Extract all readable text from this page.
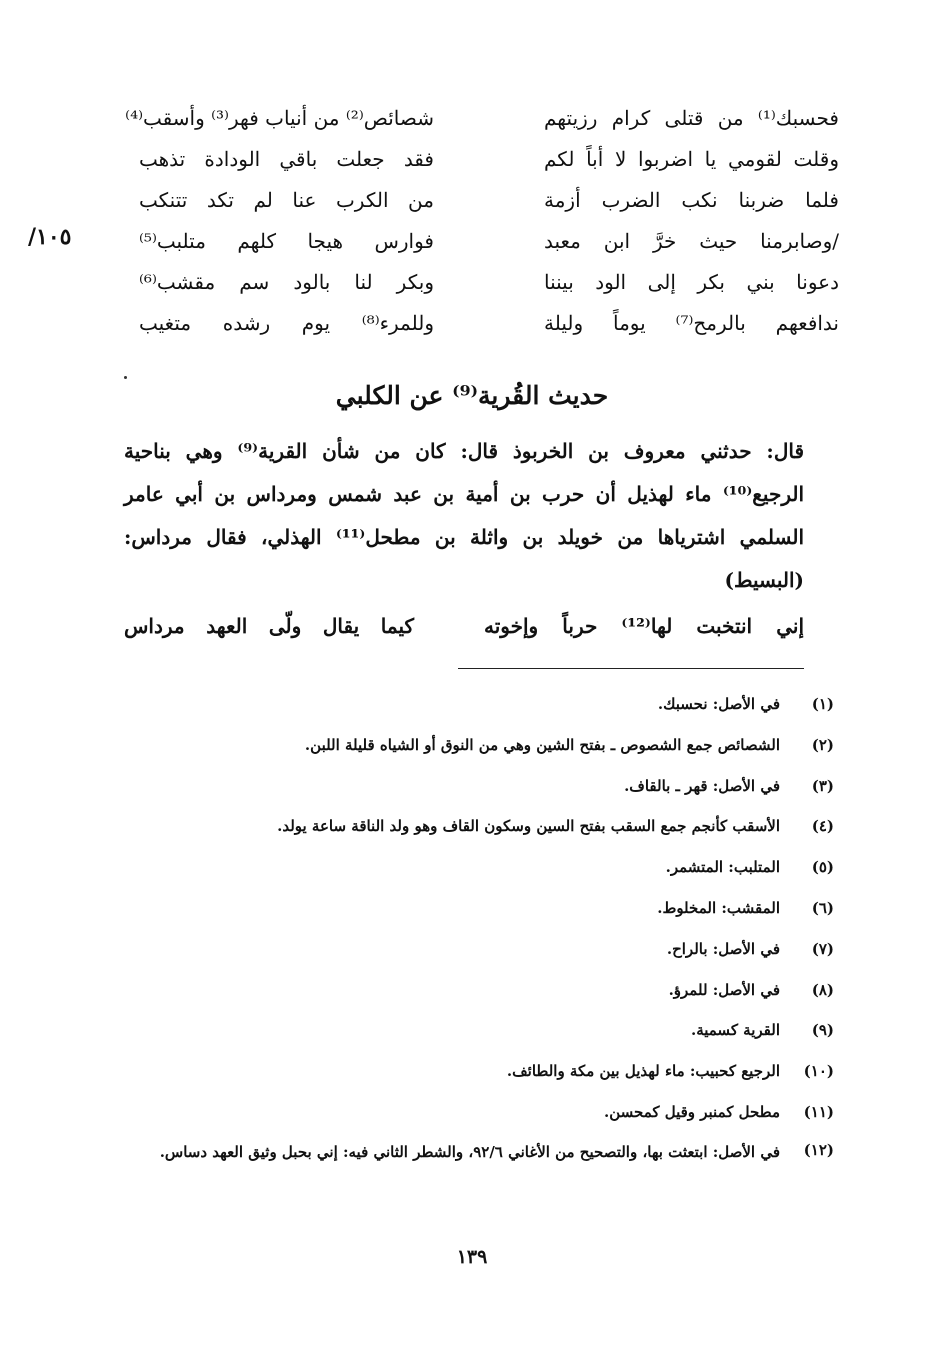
فحسبك⁽¹⁾ من قتلى كرام رزيتهم
شصائص⁽²⁾ من أنياب فهر⁽³⁾ وأسقب⁽⁴⁾
وقلت لقومي يا اضربوا لا أباً لكم
فقد جعلت باقي الودادة تذهب
فلما ضربنا نكب الضرب أزمة
من الكرب عنا لم تكد تتنكب
/وصابرمنا حيث خرَّ ابن معبد
فوارس هيجا كلهم متلبب⁽⁵⁾
دعونا بني بكر إلى الود بيننا
وبكر لنا بالود سم مقشب⁽⁶⁾
ندافعهم بالرمح⁽⁷⁾ يوماً وليلة
وللمرء⁽⁸⁾ يوم رشده متغيب
/١٠٥
حديث القُرية⁽⁹⁾ عن الكلبي

قال: حدثني معروف بن الخربوذ قال: كان من شأن القرية⁽⁹⁾ وهي بناحية الرجيع⁽¹⁰⁾ ماء لهذيل أن حرب بن أمية بن عبد شمس ومرداس بن أبي عامر السلمي اشترياها من خويلد بن واثلة بن مطحل⁽¹¹⁾ الهذلي، فقال مرداس: (البسيط)

إني انتخبت لها⁽¹²⁾ حرباً وإخوته
كيما يقال ولّى العهد مرداس
(١)
في الأصل: نحسبك.
(٢)
الشصائص جمع الشصوص ـ بفتح الشين وهي من النوق أو الشياه قليلة اللبن.
(٣)
في الأصل: قهر ـ بالقاف.
(٤)
الأسقب كأنجم جمع السقب بفتح السين وسكون القاف وهو ولد الناقة ساعة يولد.
(٥)
المتلبب: المتشمر.
(٦)
المقشب: المخلوط.
(٧)
في الأصل: بالراح.
(٨)
في الأصل: للمرؤ.
(٩)
القرية كسمية.
(١٠)
الرجيع كحبيب: ماء لهذيل بين مكة والطائف.
(١١)
مطحل كمنبر وقيل كمحسن.
(١٢)
في الأصل: ابتعثت بها، والتصحيح من الأغاني ٩٢/٦، والشطر الثاني فيه: إني بحبل وثيق العهد دساس.
١٣٩
